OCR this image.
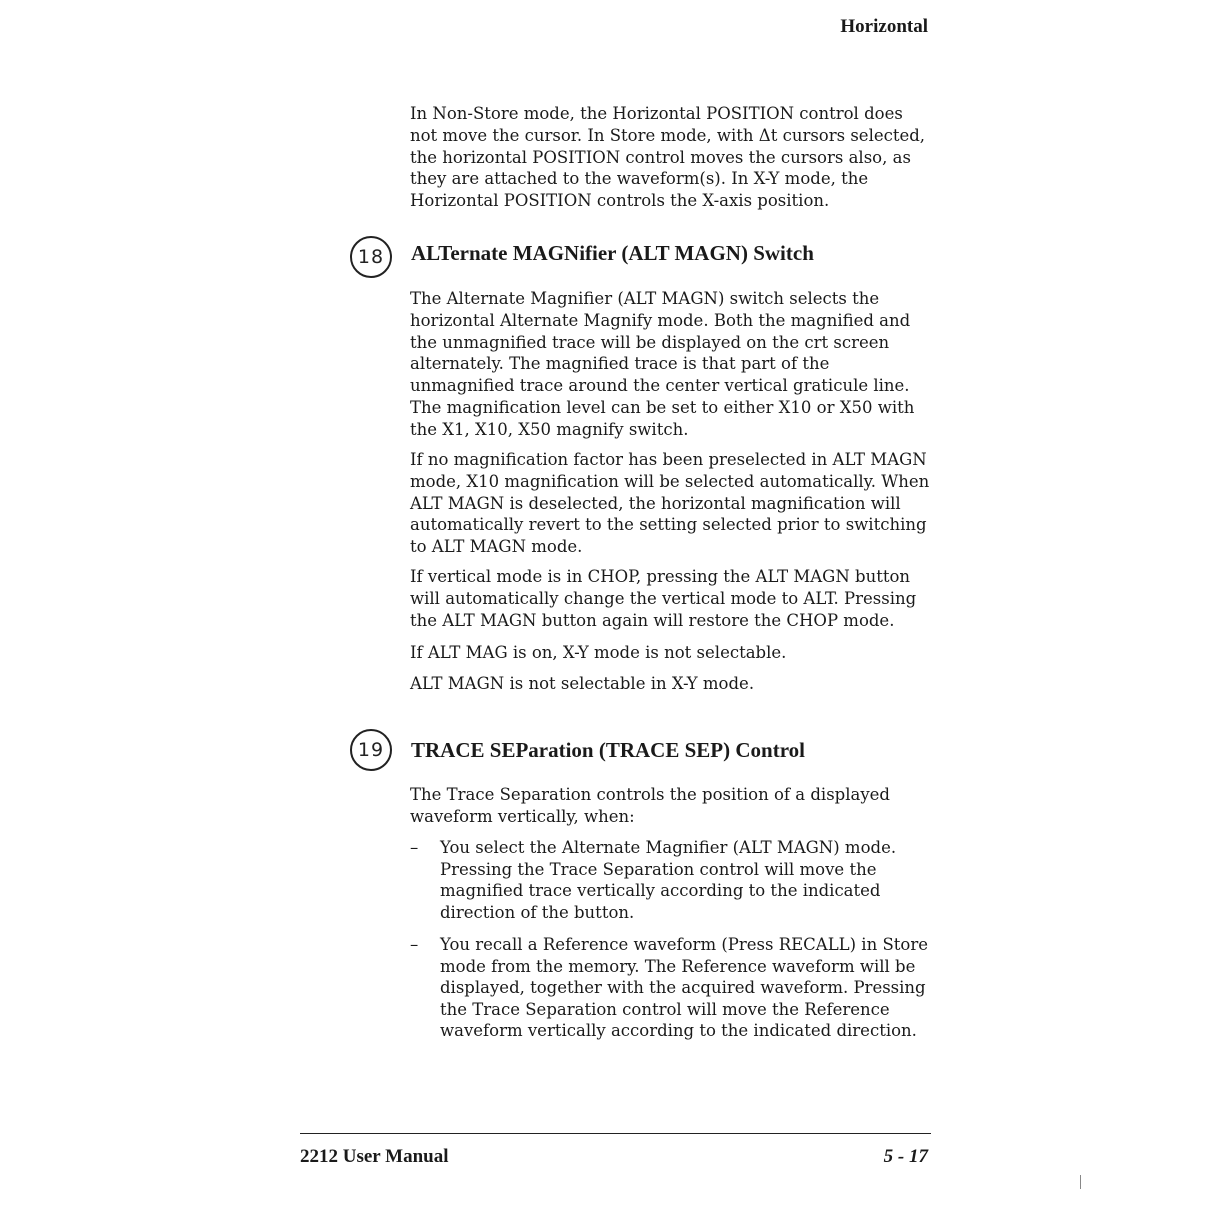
Horizontal

In Non-Store mode, the Horizontal POSITION control does not move the cursor. In Store mode, with Δt cursors selected, the horizontal POSITION control moves the cursors also, as they are attached to the waveform(s). In X-Y mode, the Horizontal POSITION controls the X-axis position.

18	ALTernate MAGNifier (ALT MAGN) Switch

The Alternate Magnifier (ALT MAGN) switch selects the horizontal Alternate Magnify mode. Both the magnified and the unmagnified trace will be displayed on the crt screen alternately. The magnified trace is that part of the unmagnified trace around the center vertical graticule line. The magnification level can be set to either X10 or X50 with the X1, X10, X50 magnify switch.

If no magnification factor has been preselected in ALT MAGN mode, X10 magnification will be selected automatically. When ALT MAGN is deselected, the horizontal magnification will automatically revert to the setting selected prior to switching to ALT MAGN mode.

If vertical mode is in CHOP, pressing the ALT MAGN button will automatically change the vertical mode to ALT. Pressing the ALT MAGN button again will restore the CHOP mode.

If ALT MAG is on, X-Y mode is not selectable.

ALT MAGN is not selectable in X-Y mode.

19	TRACE SEParation (TRACE SEP) Control

The Trace Separation controls the position of a displayed waveform vertically, when:

– You select the Alternate Magnifier (ALT MAGN) mode. Pressing the Trace Separation control will move the magnified trace vertically according to the indicated direction of the button.
– You recall a Reference waveform (Press RECALL) in Store mode from the memory. The Reference waveform will be displayed, together with the acquired waveform. Pressing the Trace Separation control will move the Reference waveform vertically according to the indicated direction.
2212 User Manual	5 - 17
